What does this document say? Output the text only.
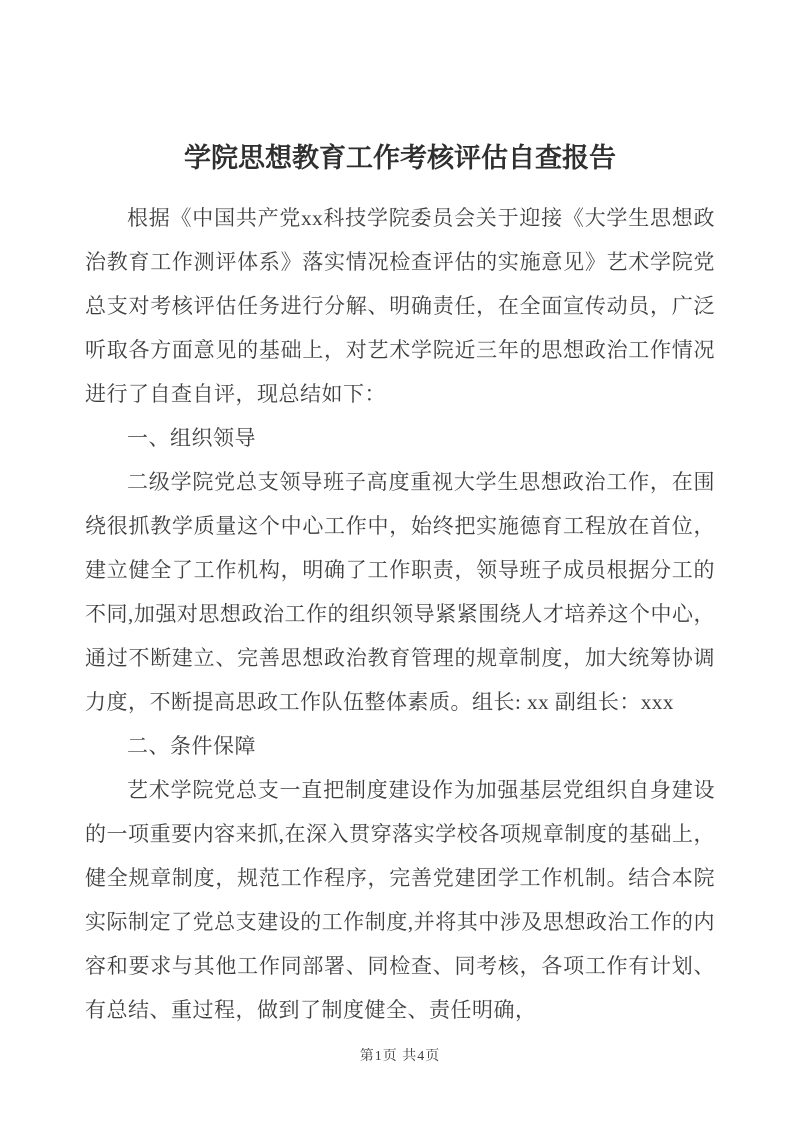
学院思想教育工作考核评估自查报告

根据《中国共产党xx科技学院委员会关于迎接《大学生思想政治教育工作测评体系》落实情况检查评估的实施意见》艺术学院党总支对考核评估任务进行分解、明确责任，在全面宣传动员，广泛听取各方面意见的基础上，对艺术学院近三年的思想政治工作情况进行了自查自评，现总结如下：

一、组织领导

二级学院党总支领导班子高度重视大学生思想政治工作，在围绕很抓教学质量这个中心工作中，始终把实施德育工程放在首位，建立健全了工作机构，明确了工作职责，领导班子成员根据分工的不同,加强对思想政治工作的组织领导紧紧围绕人才培养这个中心，通过不断建立、完善思想政治教育管理的规章制度，加大统筹协调力度，不断提高思政工作队伍整体素质。组长: xx 副组长：xxx

二、条件保障

艺术学院党总支一直把制度建设作为加强基层党组织自身建设的一项重要内容来抓,在深入贯穿落实学校各项规章制度的基础上，健全规章制度，规范工作程序，完善党建团学工作机制。结合本院实际制定了党总支建设的工作制度,并将其中涉及思想政治工作的内容和要求与其他工作同部署、同检查、同考核，各项工作有计划、有总结、重过程，做到了制度健全、责任明确，

第1页 共4页
